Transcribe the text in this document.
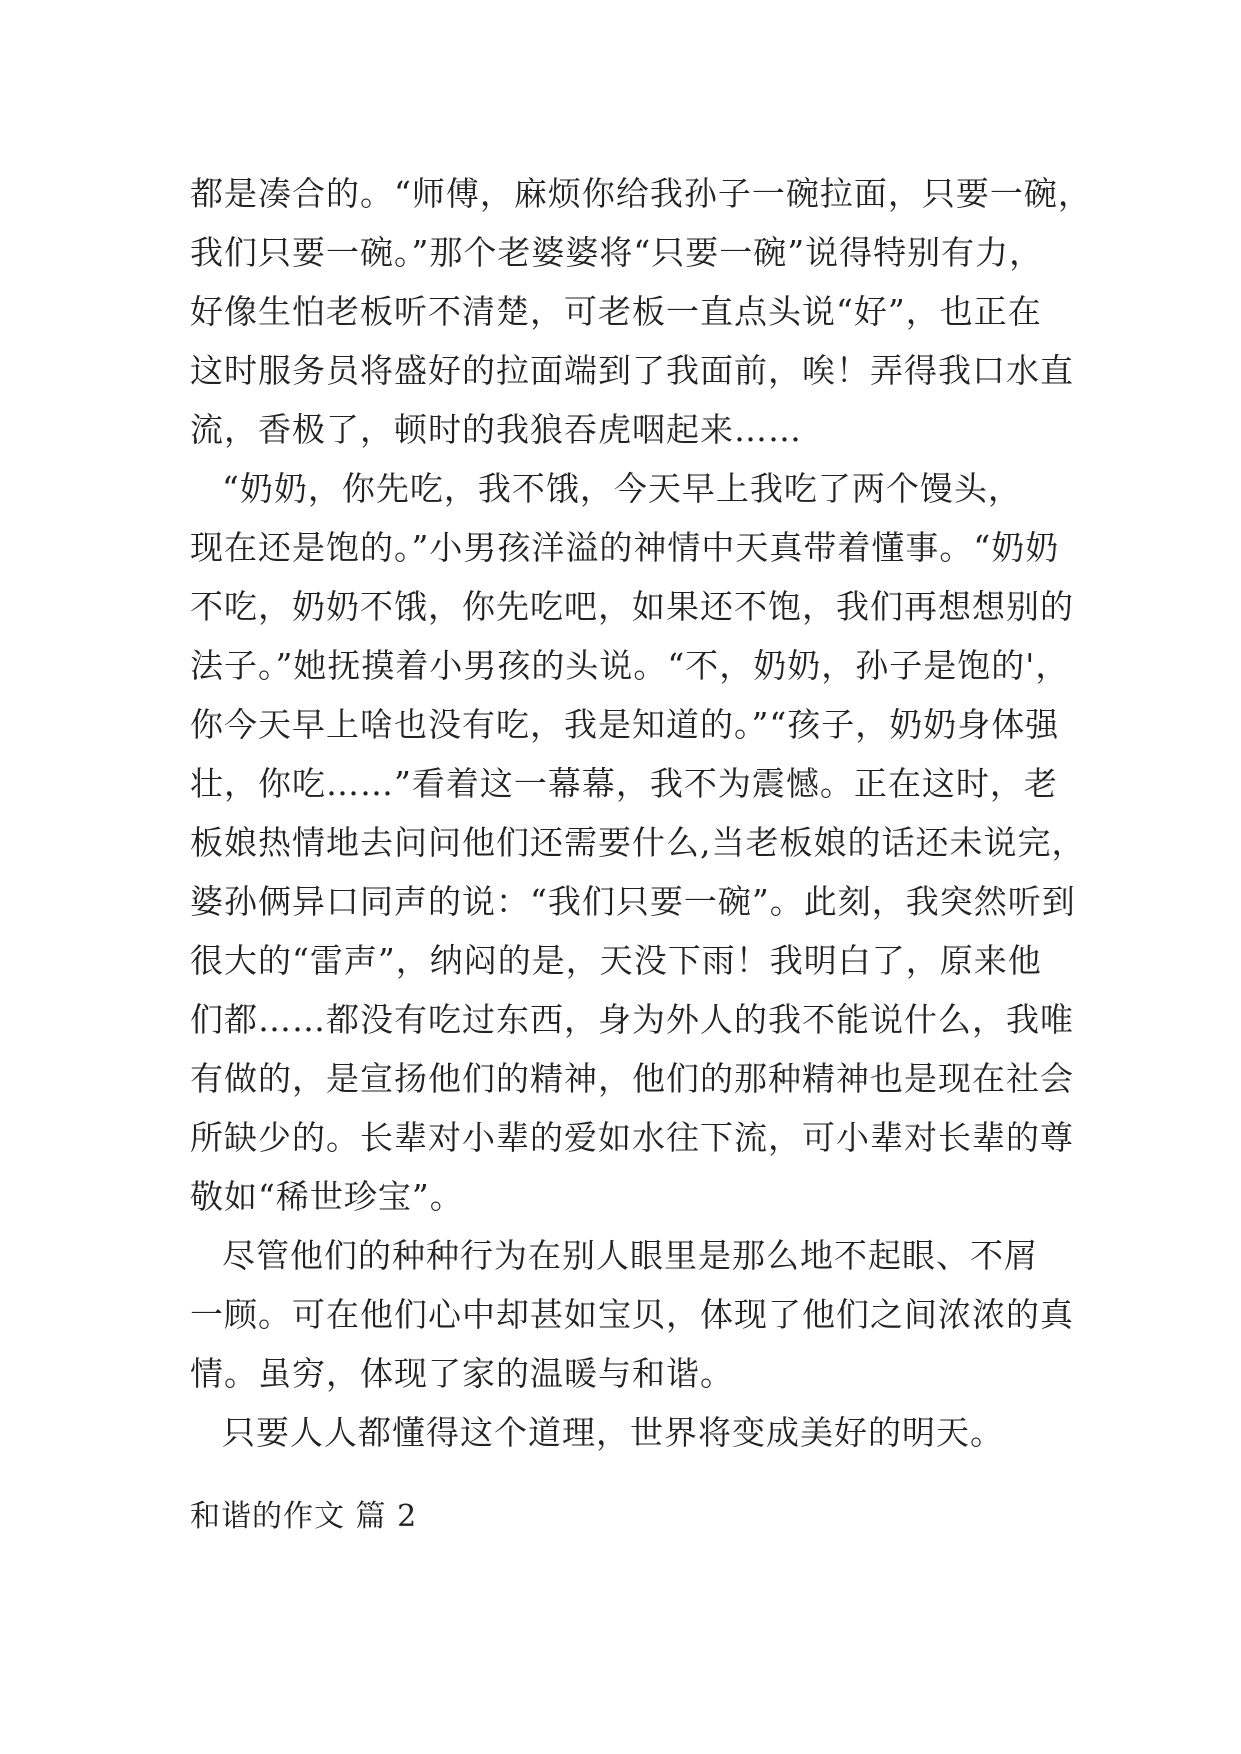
都是凑合的。“师傅，麻烦你给我孙子一碗拉面，只要一碗，
我们只要一碗。”那个老婆婆将“只要一碗”说得特别有力，
好像生怕老板听不清楚，可老板一直点头说“好”，也正在
这时服务员将盛好的拉面端到了我面前，唉！弄得我口水直
流，香极了，顿时的我狼吞虎咽起来……
“奶奶，你先吃，我不饿，今天早上我吃了两个馒头，
现在还是饱的。”小男孩洋溢的神情中天真带着懂事。“奶奶
不吃，奶奶不饿，你先吃吧，如果还不饱，我们再想想别的
法子。”她抚摸着小男孩的头说。“不，奶奶，孙子是饱的'，
你今天早上啥也没有吃，我是知道的。”“孩子，奶奶身体强
壮，你吃……”看着这一幕幕，我不为震憾。正在这时，老
板娘热情地去问问他们还需要什么,当老板娘的话还未说完，
婆孙俩异口同声的说：“我们只要一碗”。此刻，我突然听到
很大的“雷声”，纳闷的是，天没下雨！我明白了，原来他
们都……都没有吃过东西，身为外人的我不能说什么，我唯
有做的，是宣扬他们的精神，他们的那种精神也是现在社会
所缺少的。长辈对小辈的爱如水往下流，可小辈对长辈的尊
敬如“稀世珍宝”。
尽管他们的种种行为在别人眼里是那么地不起眼、不屑
一顾。可在他们心中却甚如宝贝，体现了他们之间浓浓的真
情。虽穷，体现了家的温暖与和谐。
只要人人都懂得这个道理，世界将变成美好的明天。
和谐的作文 篇 2
